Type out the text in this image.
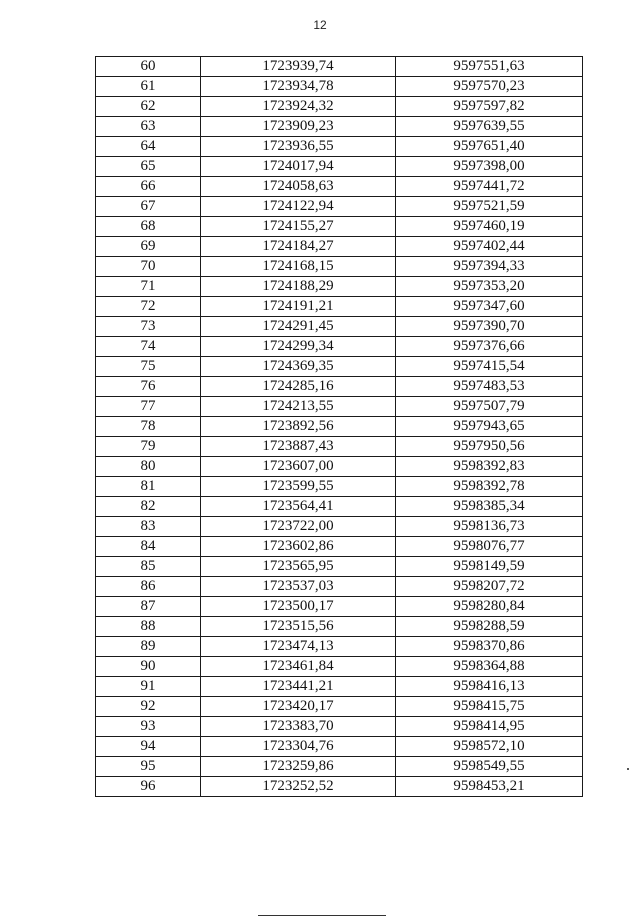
12
60	1723939,74	9597551,63
61	1723934,78	9597570,23
62	1723924,32	9597597,82
63	1723909,23	9597639,55
64	1723936,55	9597651,40
65	1724017,94	9597398,00
66	1724058,63	9597441,72
67	1724122,94	9597521,59
68	1724155,27	9597460,19
69	1724184,27	9597402,44
70	1724168,15	9597394,33
71	1724188,29	9597353,20
72	1724191,21	9597347,60
73	1724291,45	9597390,70
74	1724299,34	9597376,66
75	1724369,35	9597415,54
76	1724285,16	9597483,53
77	1724213,55	9597507,79
78	1723892,56	9597943,65
79	1723887,43	9597950,56
80	1723607,00	9598392,83
81	1723599,55	9598392,78
82	1723564,41	9598385,34
83	1723722,00	9598136,73
84	1723602,86	9598076,77
85	1723565,95	9598149,59
86	1723537,03	9598207,72
87	1723500,17	9598280,84
88	1723515,56	9598288,59
89	1723474,13	9598370,86
90	1723461,84	9598364,88
91	1723441,21	9598416,13
92	1723420,17	9598415,75
93	1723383,70	9598414,95
94	1723304,76	9598572,10
95	1723259,86	9598549,55
96	1723252,52	9598453,21
